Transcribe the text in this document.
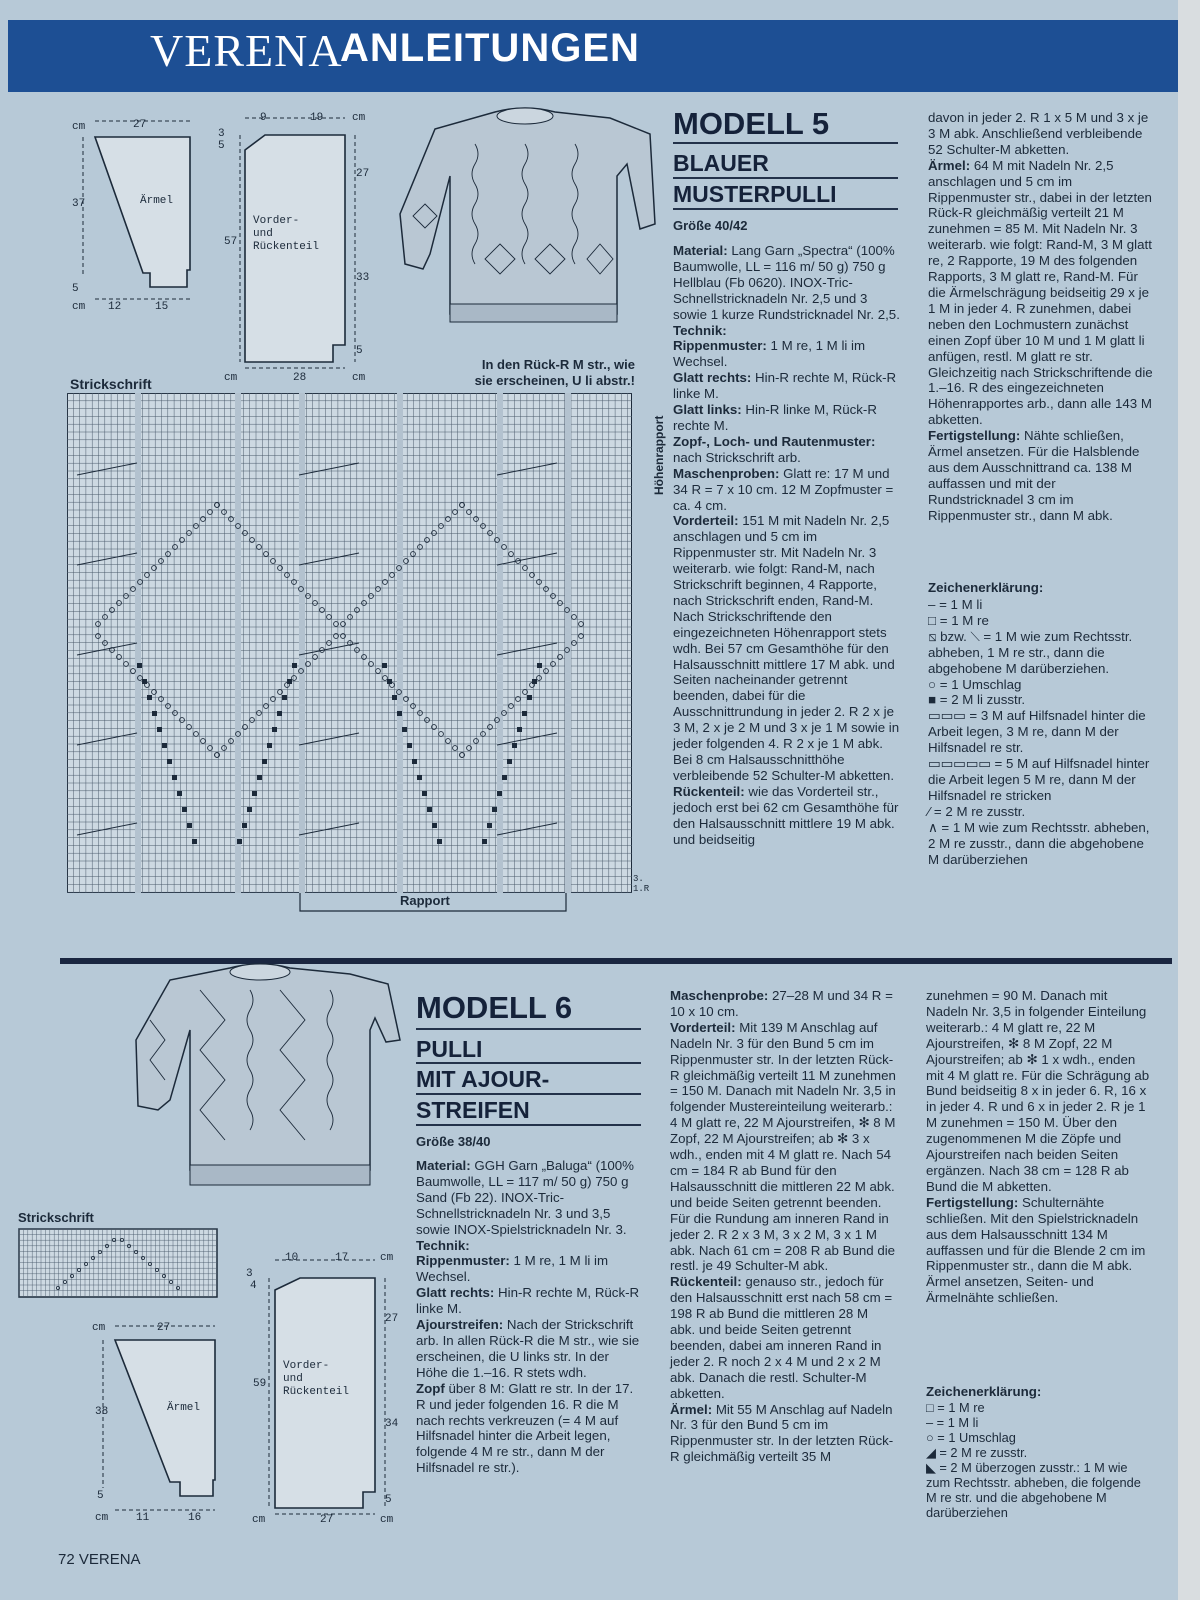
VERENA
ANLEITUNGEN
cm	27
37	Ärmel
5
cm 12	15
3
5
9	19	cm
27
57
33
Vorder-
und
Rückenteil
5
cm	28	cm
MODELL 5
BLAUER
MUSTERPULLI
Größe 40/42
In den Rück-R M str., wie
sie erscheinen, U li abstr.!
Strickschrift
Höhenrapport
Rapport
3.
1.R

Material: Lang Garn „Spectra“ (100% Baumwolle, LL = 116 m/ 50 g) 750 g Hellblau (Fb 0620). INOX-Tric-Schnellstricknadeln Nr. 2,5 und 3 sowie 1 kurze Rundstricknadel Nr. 2,5.

Technik:

Rippenmuster: 1 M re, 1 M li im Wechsel.

Glatt rechts: Hin-R rechte M, Rück-R linke M.

Glatt links: Hin-R linke M, Rück-R rechte M.

Zopf-, Loch- und Rautenmuster: nach Strickschrift arb.

Maschenproben: Glatt re: 17 M und 34 R = 7 x 10 cm. 12 M Zopfmuster = ca. 4 cm.

Vorderteil: 151 M mit Nadeln Nr. 2,5 anschlagen und 5 cm im Rippenmuster str. Mit Nadeln Nr. 3 weiterarb. wie folgt: Rand-M, nach Strickschrift beginnen, 4 Rapporte, nach Strickschrift enden, Rand-M. Nach Strickschriftende den eingezeichneten Höhenrapport stets wdh. Bei 57 cm Gesamthöhe für den Halsausschnitt mittlere 17 M abk. und Seiten nacheinander getrennt beenden, dabei für die Ausschnittrundung in jeder 2. R 2 x je 3 M, 2 x je 2 M und 3 x je 1 M sowie in jeder folgenden 4. R 2 x je 1 M abk. Bei 8 cm Halsausschnitthöhe verbleibende 52 Schulter-M abketten.

Rückenteil: wie das Vorderteil str., jedoch erst bei 62 cm Gesamthöhe für den Halsausschnitt mittlere 19 M abk. und beidseitig

davon in jeder 2. R 1 x 5 M und 3 x je 3 M abk. Anschließend verbleibende 52 Schulter-M abketten.

Ärmel: 64 M mit Nadeln Nr. 2,5 anschlagen und 5 cm im Rippenmuster str., dabei in der letzten Rück-R gleichmäßig verteilt 21 M zunehmen = 85 M. Mit Nadeln Nr. 3 weiterarb. wie folgt: Rand-M, 3 M glatt re, 2 Rapporte, 19 M des folgenden Rapports, 3 M glatt re, Rand-M. Für die Ärmelschrägung beidseitig 29 x je 1 M in jeder 4. R zunehmen, dabei neben den Lochmustern zunächst einen Zopf über 10 M und 1 M glatt li anfügen, restl. M glatt re str. Gleichzeitig nach Strickschriftende die 1.–16. R des eingezeichneten Höhenrapportes arb., dann alle 143 M abketten.

Fertigstellung: Nähte schließen, Ärmel ansetzen. Für die Halsblende aus dem Ausschnittrand ca. 138 M auffassen und mit der Rundstricknadel 3 cm im Rippenmuster str., dann M abk.

Zeichenerklärung:

– = 1 M li

□ = 1 M re

⧅ bzw. ⟍ = 1 M wie zum Rechtsstr. abheben, 1 M re str., dann die abgehobene M darüberziehen.

○ = 1 Umschlag

■ = 2 M li zusstr.

▭▭▭ = 3 M auf Hilfsnadel hinter die Arbeit legen, 3 M re, dann M der Hilfsnadel re str.

▭▭▭▭▭ = 5 M auf Hilfsnadel hinter die Arbeit legen 5 M re, dann M der Hilfsnadel re stricken

⁄ = 2 M re zusstr.

∧ = 1 M wie zum Rechtsstr. abheben, 2 M re zusstr., dann die abgehobene M darüberziehen

MODELL 6
PULLI
MIT AJOUR-
STREIFEN
Größe 38/40
Strickschrift
cm	27
38	Ärmel
5
cm	11	16
3
4
10	17	cm
27
59
34
Vorder-
und
Rückenteil
5
cm	27	cm

Material: GGH Garn „Baluga“ (100% Baumwolle, LL = 117 m/ 50 g) 750 g Sand (Fb 22). INOX-Tric-Schnellstricknadeln Nr. 3 und 3,5 sowie INOX-Spielstricknadeln Nr. 3.

Technik:

Rippenmuster: 1 M re, 1 M li im Wechsel.

Glatt rechts: Hin-R rechte M, Rück-R linke M.

Ajourstreifen: Nach der Strickschrift arb. In allen Rück-R die M str., wie sie erscheinen, die U links str. In der Höhe die 1.–16. R stets wdh.

Zopf über 8 M: Glatt re str. In der 17. R und jeder folgenden 16. R die M nach rechts verkreuzen (= 4 M auf Hilfsnadel hinter die Arbeit legen, folgende 4 M re str., dann M der Hilfsnadel re str.).

Maschenprobe: 27–28 M und 34 R = 10 x 10 cm.

Vorderteil: Mit 139 M Anschlag auf Nadeln Nr. 3 für den Bund 5 cm im Rippenmuster str. In der letzten Rück-R gleichmäßig verteilt 11 M zunehmen = 150 M. Danach mit Nadeln Nr. 3,5 in folgender Mustereinteilung weiterarb.: 4 M glatt re, 22 M Ajourstreifen, ✻ 8 M Zopf, 22 M Ajourstreifen; ab ✻ 3 x wdh., enden mit 4 M glatt re. Nach 54 cm = 184 R ab Bund für den Halsausschnitt die mittleren 22 M abk. und beide Seiten getrennt beenden. Für die Rundung am inneren Rand in jeder 2. R 2 x 3 M, 3 x 2 M, 3 x 1 M abk. Nach 61 cm = 208 R ab Bund die restl. je 49 Schulter-M abk.

Rückenteil: genauso str., jedoch für den Halsausschnitt erst nach 58 cm = 198 R ab Bund die mittleren 28 M abk. und beide Seiten getrennt beenden, dabei am inneren Rand in jeder 2. R noch 2 x 4 M und 2 x 2 M abk. Danach die restl. Schulter-M abketten.

Ärmel: Mit 55 M Anschlag auf Nadeln Nr. 3 für den Bund 5 cm im Rippenmuster str. In der letzten Rück-R gleichmäßig verteilt 35 M

zunehmen = 90 M. Danach mit Nadeln Nr. 3,5 in folgender Einteilung weiterarb.: 4 M glatt re, 22 M Ajourstreifen, ✻ 8 M Zopf, 22 M Ajourstreifen; ab ✻ 1 x wdh., enden mit 4 M glatt re. Für die Schrägung ab Bund beidseitig 8 x in jeder 6. R, 16 x in jeder 4. R und 6 x in jeder 2. R je 1 M zunehmen = 150 M. Über den zugenommenen M die Zöpfe und Ajourstreifen nach beiden Seiten ergänzen. Nach 38 cm = 128 R ab Bund die M abketten.

Fertigstellung: Schulternähte schließen. Mit den Spielstricknadeln aus dem Halsausschnitt 134 M auffassen und für die Blende 2 cm im Rippenmuster str., dann die M abk. Ärmel ansetzen, Seiten- und Ärmelnähte schließen.

Zeichenerklärung:

□ = 1 M re

– = 1 M li

○ = 1 Umschlag

◢ = 2 M re zusstr.

◣ = 2 M überzogen zusstr.: 1 M wie zum Rechtsstr. abheben, die folgende M re str. und die abgehobene M darüberziehen

72 VERENA
